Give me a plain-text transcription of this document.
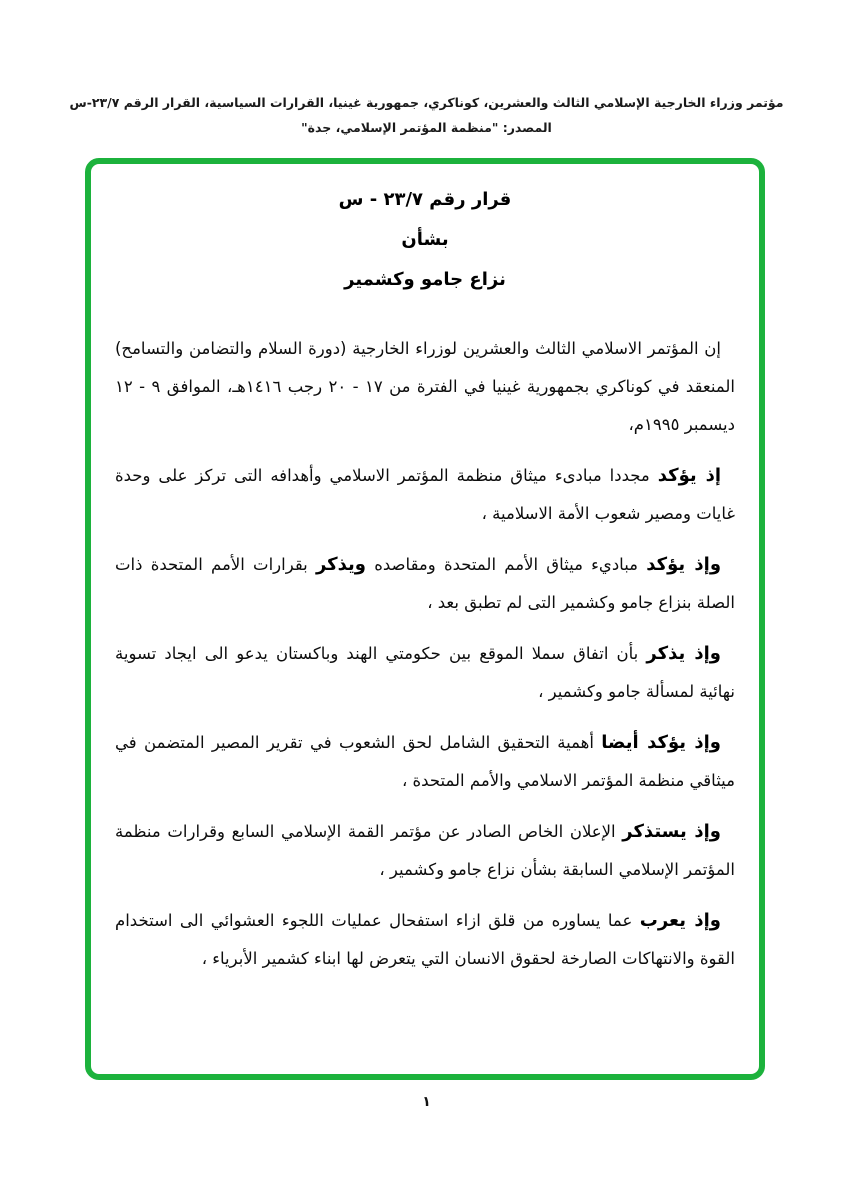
مؤتمر وزراء الخارجية الإسلامي الثالث والعشرين، كوناكري، جمهورية غينيا، القرارات السياسية، القرار الرقم ٢٣/٧-س
المصدر: "منظمة المؤتمر الإسلامي، جدة"
قرار رقم ٢٣/٧ - س
بشأن
نزاع جامو وكشمير

إن المؤتمر الاسلامي الثالث والعشرين لوزراء الخارجية (دورة السلام والتضامن والتسامح) المنعقد في كوناكري بجمهورية غينيا في الفترة من ١٧ - ٢٠ رجب ١٤١٦هـ، الموافق ٩ - ١٢ ديسمبر ١٩٩٥م،

إذ يؤكد مجددا مبادىء ميثاق منظمة المؤتمر الاسلامي وأهدافه التى تركز على وحدة غايات ومصير شعوب الأمة الاسلامية ،

وإذ يؤكد مباديء ميثاق الأمم المتحدة ومقاصده ويذكر بقرارات الأمم المتحدة ذات الصلة بنزاع جامو وكشمير التى لم تطبق بعد ،

وإذ يذكر بأن اتفاق سملا الموقع بين حكومتي الهند وباكستان يدعو الى ايجاد تسوية نهائية لمسألة جامو وكشمير ،

وإذ يؤكد أيضا أهمية التحقيق الشامل لحق الشعوب في تقرير المصير المتضمن في ميثاقي منظمة المؤتمر الاسلامي والأمم المتحدة ،

وإذ يستذكر الإعلان الخاص الصادر عن مؤتمر القمة الإسلامي السابع وقرارات منظمة المؤتمر الإسلامي السابقة بشأن نزاع جامو وكشمير ،

وإذ يعرب عما يساوره من قلق ازاء استفحال عمليات اللجوء العشوائي الى استخدام القوة والانتهاكات الصارخة لحقوق الانسان التي يتعرض لها ابناء كشمير الأبرياء ،

١
